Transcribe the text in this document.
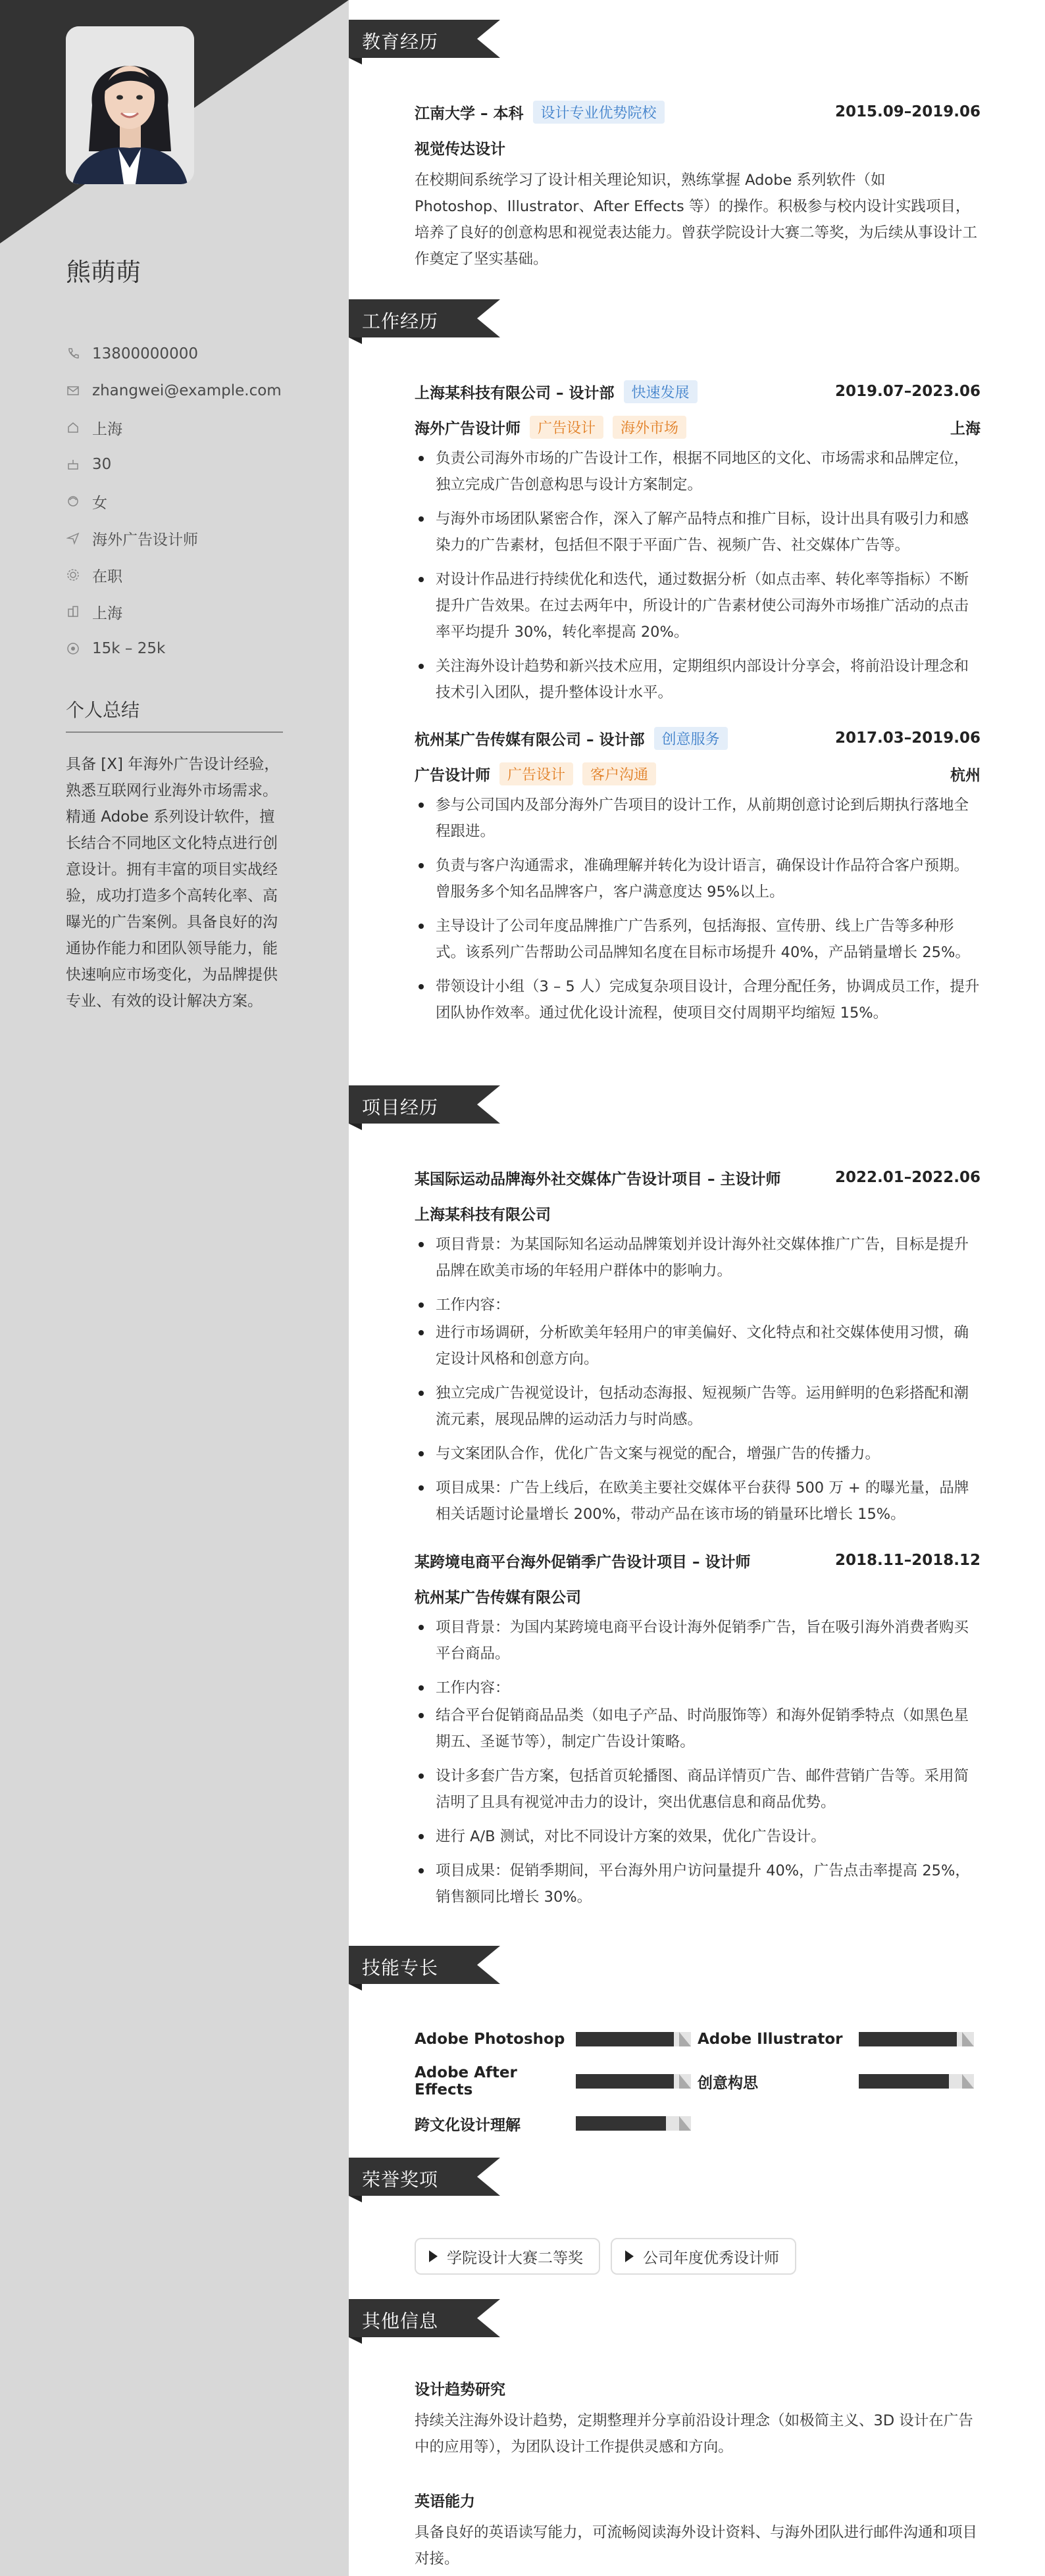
熊萌萌
13800000000
zhangwei@example.com
上海
30
女
海外广告设计师
在职
上海
15k – 25k
个人总结
具备 [X] 年海外广告设计经验，熟悉互联网行业海外市场需求。精通 Adobe 系列设计软件，擅长结合不同地区文化特点进行创意设计。拥有丰富的项目实战经验，成功打造多个高转化率、高曝光的广告案例。具备良好的沟通协作能力和团队领导能力，能快速响应市场变化，为品牌提供专业、有效的设计解决方案。
教育经历
江南大学 – 本科	设计专业优势院校	2015.09–2019.06
视觉传达设计
在校期间系统学习了设计相关理论知识，熟练掌握 Adobe 系列软件（如 Photoshop、Illustrator、After Effects 等）的操作。积极参与校内设计实践项目，培养了良好的创意构思和视觉表达能力。曾获学院设计大赛二等奖，为后续从事设计工作奠定了坚实基础。
工作经历
上海某科技有限公司 – 设计部	快速发展	2019.07–2023.06
海外广告设计师	广告设计	海外市场	上海
负责公司海外市场的广告设计工作，根据不同地区的文化、市场需求和品牌定位，独立完成广告创意构思与设计方案制定。
与海外市场团队紧密合作，深入了解产品特点和推广目标，设计出具有吸引力和感染力的广告素材，包括但不限于平面广告、视频广告、社交媒体广告等。
对设计作品进行持续优化和迭代，通过数据分析（如点击率、转化率等指标）不断提升广告效果。在过去两年中，所设计的广告素材使公司海外市场推广活动的点击率平均提升 30%，转化率提高 20%。
关注海外设计趋势和新兴技术应用，定期组织内部设计分享会，将前沿设计理念和技术引入团队，提升整体设计水平。
杭州某广告传媒有限公司 – 设计部	创意服务	2017.03–2019.06
广告设计师	广告设计	客户沟通	杭州
参与公司国内及部分海外广告项目的设计工作，从前期创意讨论到后期执行落地全程跟进。
负责与客户沟通需求，准确理解并转化为设计语言，确保设计作品符合客户预期。曾服务多个知名品牌客户，客户满意度达 95%以上。
主导设计了公司年度品牌推广广告系列，包括海报、宣传册、线上广告等多种形式。该系列广告帮助公司品牌知名度在目标市场提升 40%，产品销量增长 25%。
带领设计小组（3 – 5 人）完成复杂项目设计，合理分配任务，协调成员工作，提升团队协作效率。通过优化设计流程，使项目交付周期平均缩短 15%。
项目经历
某国际运动品牌海外社交媒体广告设计项目 – 主设计师	2022.01–2022.06
上海某科技有限公司
项目背景：为某国际知名运动品牌策划并设计海外社交媒体推广广告，目标是提升品牌在欧美市场的年轻用户群体中的影响力。
工作内容：
进行市场调研，分析欧美年轻用户的审美偏好、文化特点和社交媒体使用习惯，确定设计风格和创意方向。
独立完成广告视觉设计，包括动态海报、短视频广告等。运用鲜明的色彩搭配和潮流元素，展现品牌的运动活力与时尚感。
与文案团队合作，优化广告文案与视觉的配合，增强广告的传播力。
项目成果：广告上线后，在欧美主要社交媒体平台获得 500 万 + 的曝光量，品牌相关话题讨论量增长 200%，带动产品在该市场的销量环比增长 15%。
某跨境电商平台海外促销季广告设计项目 – 设计师	2018.11–2018.12
杭州某广告传媒有限公司
项目背景：为国内某跨境电商平台设计海外促销季广告，旨在吸引海外消费者购买平台商品。
工作内容：
结合平台促销商品品类（如电子产品、时尚服饰等）和海外促销季特点（如黑色星期五、圣诞节等），制定广告设计策略。
设计多套广告方案，包括首页轮播图、商品详情页广告、邮件营销广告等。采用简洁明了且具有视觉冲击力的设计，突出优惠信息和商品优势。
进行 A/B 测试，对比不同设计方案的效果，优化广告设计。
项目成果：促销季期间，平台海外用户访问量提升 40%，广告点击率提高 25%，销售额同比增长 30%。
技能专长
Adobe Photoshop	Adobe Illustrator
Adobe After Effects	创意构思
跨文化设计理解
荣誉奖项
学院设计大赛二等奖	公司年度优秀设计师
其他信息
设计趋势研究
持续关注海外设计趋势，定期整理并分享前沿设计理念（如极简主义、3D 设计在广告中的应用等），为团队设计工作提供灵感和方向。
英语能力
具备良好的英语读写能力，可流畅阅读海外设计资料、与海外团队进行邮件沟通和项目对接。
